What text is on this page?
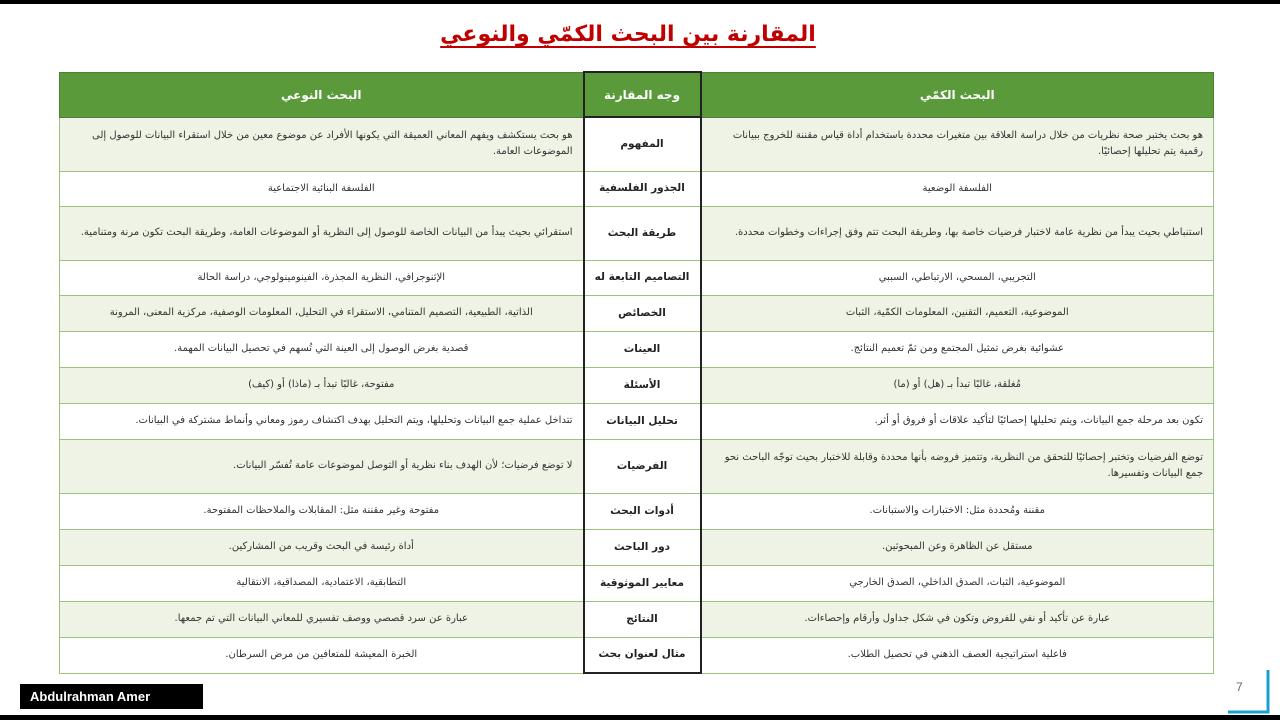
المقارنة بين البحث الكمّي والنوعي
البحث الكمّي	وجه المقارنة	البحث النوعي
هو بحث يختبر صحة نظريات من خلال دراسة العلاقة بين متغيرات محددة باستخدام أداة قياس مقننة للخروج ببيانات رقمية يتم تحليلها إحصائيًا.	المفهوم	هو بحث يستكشف ويفهم المعاني العميقة التي يكونها الأفراد عن موضوع معين من خلال استقراء البيانات للوصول إلى الموضوعات العامة.
الفلسفة الوضعية	الجذور الفلسفية	الفلسفة البنائية الاجتماعية
استنباطي بحيث يبدأ من نظرية عامة لاختبار فرضيات خاصة بها، وطريقة البحث تتم وفق إجراءات وخطوات محددة.	طريقة البحث	استقرائي بحيث يبدأ من البيانات الخاصة للوصول إلى النظرية أو الموضوعات العامة، وطريقة البحث تكون مرنة ومتنامية.
التجريبي، المسحي، الارتباطي، السببي	التصاميم التابعة له	الإثنوجرافي، النظرية المجذرة، الفينومينولوجي، دراسة الحالة
الموضوعية، التعميم، التقنين، المعلومات الكمّية، الثبات	الخصائص	الذاتية، الطبيعية، التصميم المتنامي، الاستقراء في التحليل، المعلومات الوصفية، مركزية المعنى، المرونة
عشوائية بغرض تمثيل المجتمع ومن ثمّ تعميم النتائج.	العينات	قصدية بغرض الوصول إلى العينة التي تُسهم في تحصيل البيانات المهمة.
مُغلقة، غالبًا تبدأ بـ (هل) أو (ما)	الأسئلة	مفتوحة، غالبًا تبدأ بـ (ماذا) أو (كيف)
تكون بعد مرحلة جمع البيانات، ويتم تحليلها إحصائيًا لتأكيد علاقات أو فروق أو أثر.	تحليل البيانات	تتداخل عملية جمع البيانات وتحليلها، ويتم التحليل بهدف اكتشاف رموز ومعاني وأنماط مشتركة في البيانات.
توضع الفرضيات وتختبر إحصائيًا للتحقق من النظرية، وتتميز فروضه بأنها محددة وقابلة للاختبار بحيث توجّه الباحث نحو جمع البيانات وتفسيرها.	الفرضيات	لا توضع فرضيات؛ لأن الهدف بناء نظرية أو التوصل لموضوعات عامة تُفسّر البيانات.
مقننة ومُحددة مثل: الاختبارات والاستبانات.	أدوات البحث	مفتوحة وغير مقننة مثل: المقابلات والملاحظات المفتوحة.
مستقل عن الظاهرة وعن المبحوثين.	دور الباحث	أداة رئيسة في البحث وقريب من المشاركين.
الموضوعية، الثبات، الصدق الداخلي، الصدق الخارجي	معايير الموثوقية	التطابقية، الاعتمادية، المصداقية، الانتقالية
عبارة عن تأكيد أو نفي للفروض وتكون في شكل جداول وأرقام وإحصاءات.	النتائج	عبارة عن سرد قصصي ووصف تفسيري للمعاني البيانات التي تم جمعها.
فاعلية استراتيجية العصف الذهني في تحصيل الطلاب.	مثال لعنوان بحث	الخبرة المعيشة للمتعافين من مرض السرطان.
Abdulrahman Amer
7
